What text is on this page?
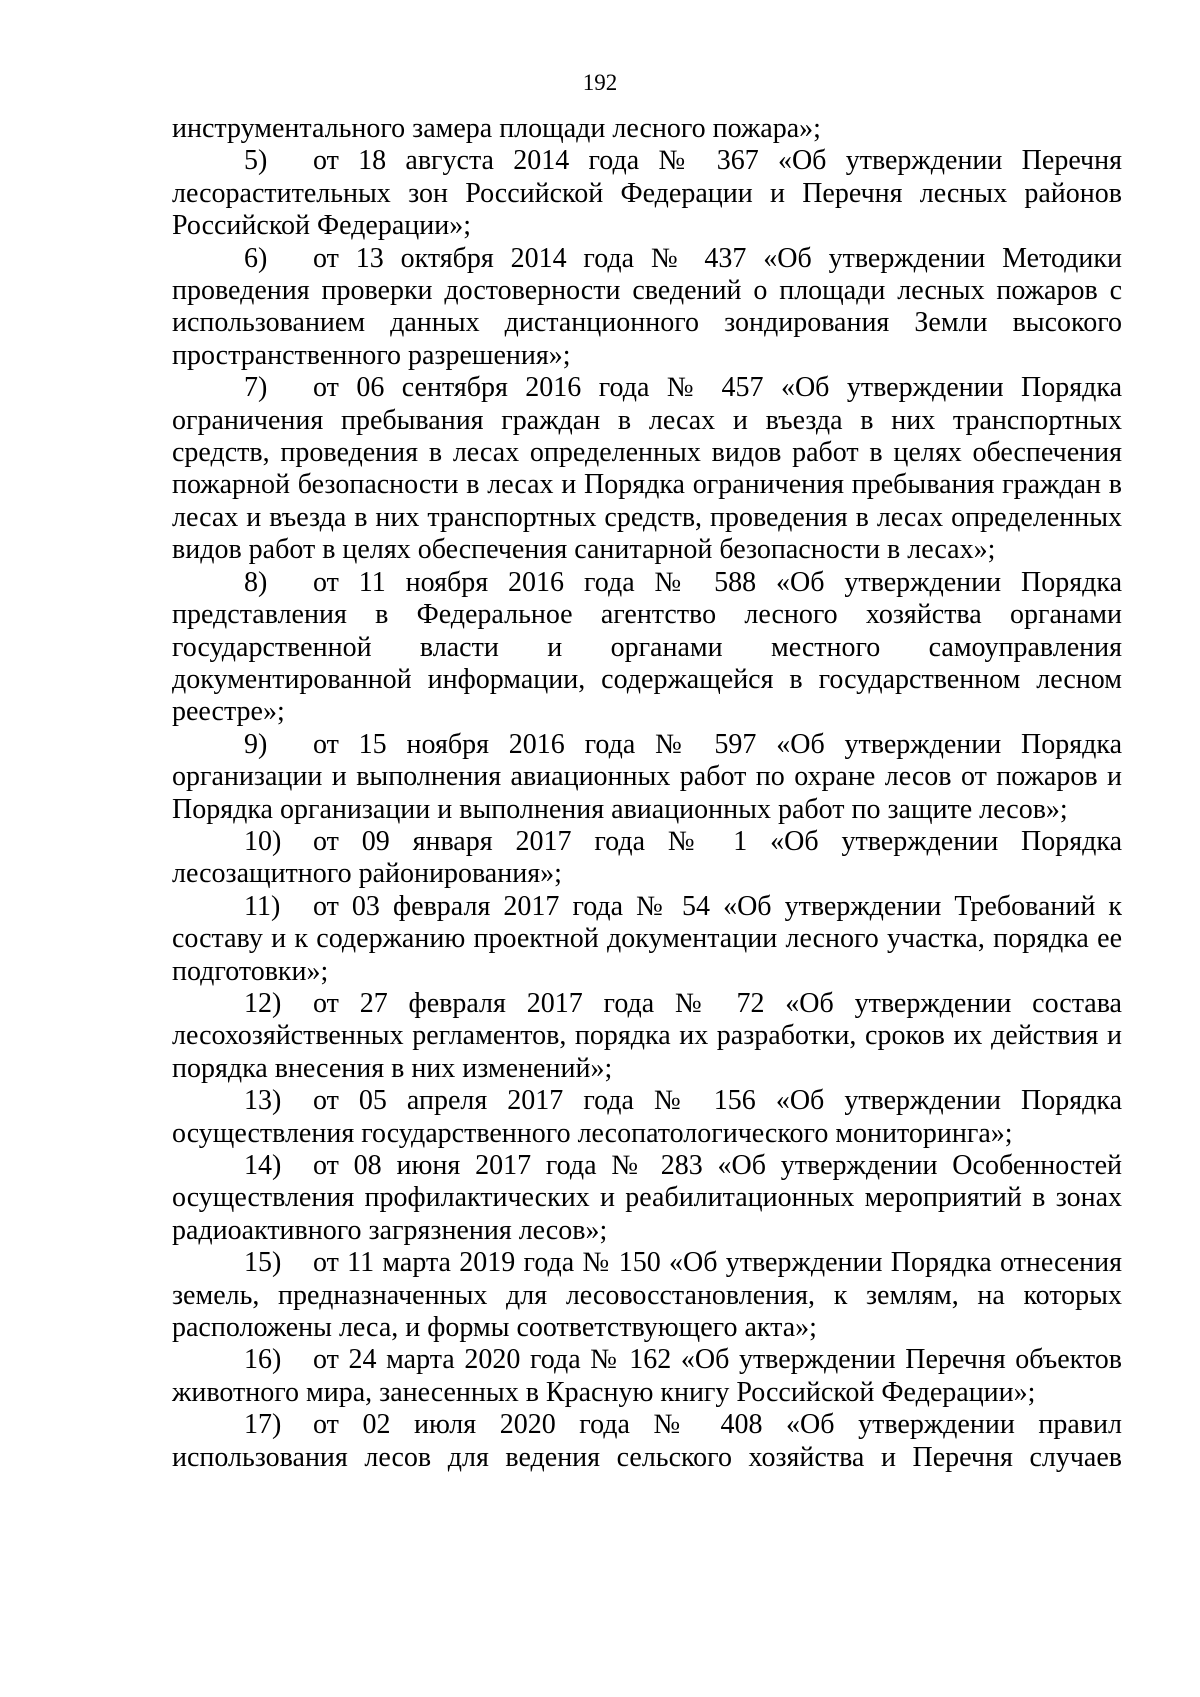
192

инструментального замера площади лесного пожара»;

5) от 18 августа 2014 года № 367 «Об утверждении Перечня лесорастительных зон Российской Федерации и Перечня лесных районов Российской Федерации»;

6) от 13 октября 2014 года № 437 «Об утверждении Методики проведения проверки достоверности сведений о площади лесных пожаров с использованием данных дистанционного зондирования Земли высокого пространственного разрешения»;

7) от 06 сентября 2016 года № 457 «Об утверждении Порядка ограничения пребывания граждан в лесах и въезда в них транспортных средств, проведения в лесах определенных видов работ в целях обеспечения пожарной безопасности в лесах и Порядка ограничения пребывания граждан в лесах и въезда в них транспортных средств, проведения в лесах определенных видов работ в целях обеспечения санитарной безопасности в лесах»;

8) от 11 ноября 2016 года № 588 «Об утверждении Порядка представления в Федеральное агентство лесного хозяйства органами государственной власти и органами местного самоуправления документированной информации, содержащейся в государственном лесном реестре»;

9) от 15 ноября 2016 года № 597 «Об утверждении Порядка организации и выполнения авиационных работ по охране лесов от пожаров и Порядка организации и выполнения авиационных работ по защите лесов»;

10) от 09 января 2017 года № 1 «Об утверждении Порядка лесозащитного районирования»;

11) от 03 февраля 2017 года № 54 «Об утверждении Требований к составу и к содержанию проектной документации лесного участка, порядка ее подготовки»;

12) от 27 февраля 2017 года № 72 «Об утверждении состава лесохозяйственных регламентов, порядка их разработки, сроков их действия и порядка внесения в них изменений»;

13) от 05 апреля 2017 года № 156 «Об утверждении Порядка осуществления государственного лесопатологического мониторинга»;

14) от 08 июня 2017 года № 283 «Об утверждении Особенностей осуществления профилактических и реабилитационных мероприятий в зонах радиоактивного загрязнения лесов»;

15) от 11 марта 2019 года № 150 «Об утверждении Порядка отнесения земель, предназначенных для лесовосстановления, к землям, на которых расположены леса, и формы соответствующего акта»;

16) от 24 марта 2020 года № 162 «Об утверждении Перечня объектов животного мира, занесенных в Красную книгу Российской Федерации»;

17) от 02 июля 2020 года № 408 «Об утверждении правил использования лесов для ведения сельского хозяйства и Перечня случаев
